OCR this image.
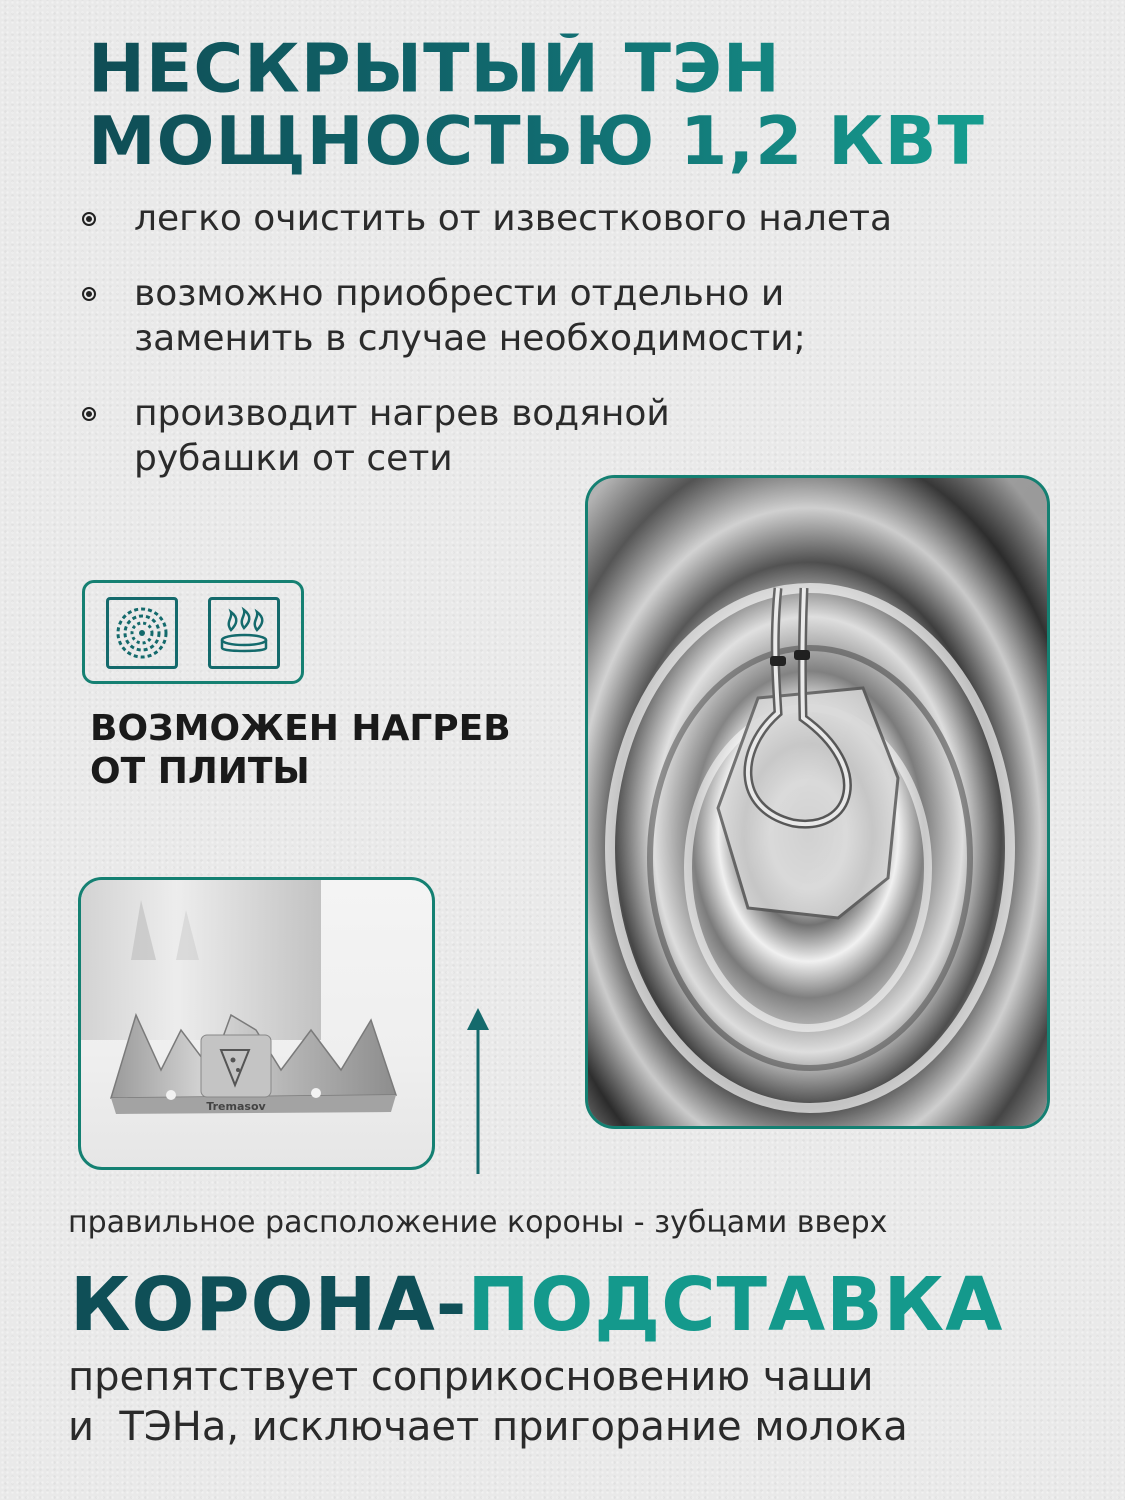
НЕСКРЫТЫЙ ТЭН
МОЩНОСТЬЮ 1,2 КВТ
легко очистить от известкового налета
возможно приобрести отдельно и заменить в случае необходимости;
производит нагрев водяной рубашки от сети
ВОЗМОЖЕН НАГРЕВ
ОТ ПЛИТЫ
Tremasov

правильное расположение короны - зубцами вверх

КОРОНА-ПОДСТАВКА

препятствует соприкосновению чаши
и  ТЭНа, исключает пригорание молока
